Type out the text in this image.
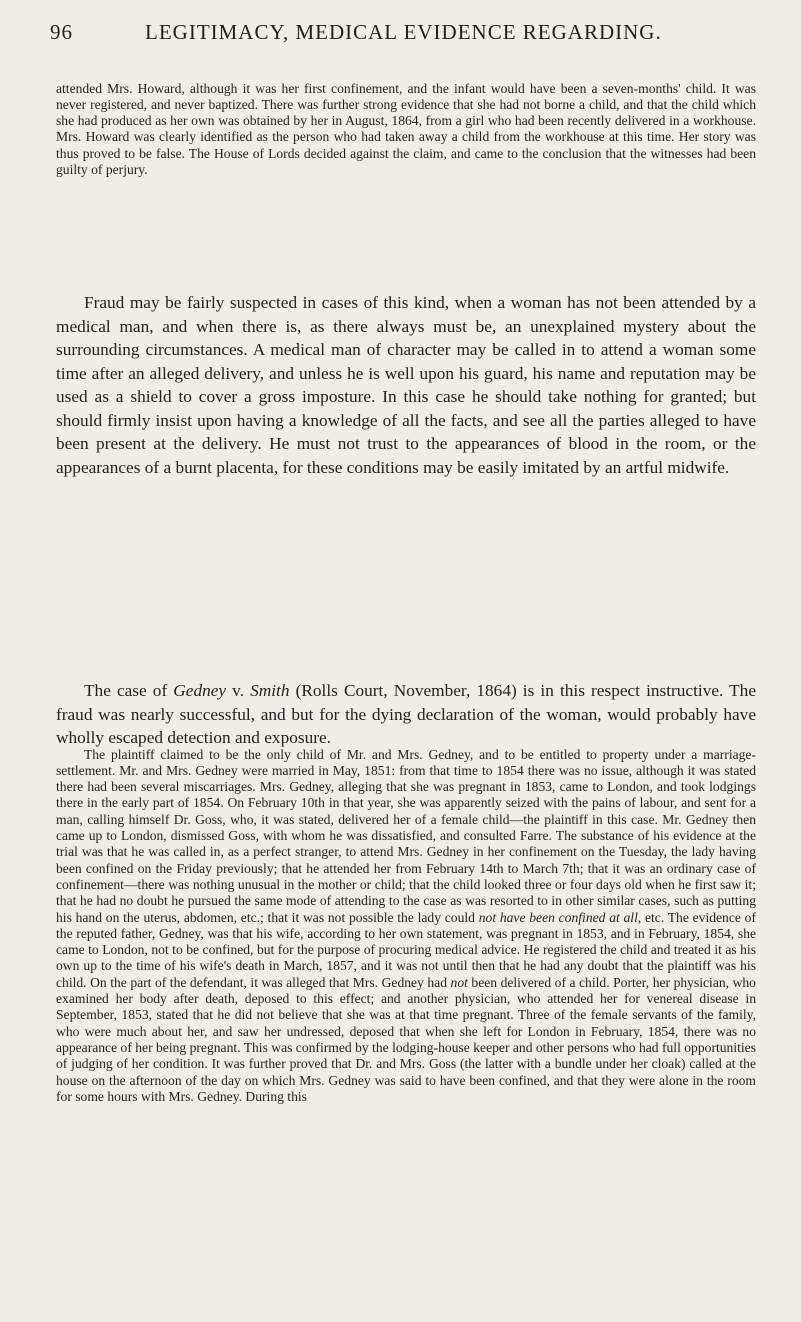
96	LEGITIMACY, MEDICAL EVIDENCE REGARDING.

attended Mrs. Howard, although it was her first confinement, and the infant would have been a seven-months' child. It was never registered, and never baptized. There was further strong evidence that she had not borne a child, and that the child which she had produced as her own was obtained by her in August, 1864, from a girl who had been recently delivered in a workhouse. Mrs. Howard was clearly identified as the person who had taken away a child from the workhouse at this time. Her story was thus proved to be false. The House of Lords decided against the claim, and came to the conclusion that the witnesses had been guilty of perjury.

Fraud may be fairly suspected in cases of this kind, when a woman has not been attended by a medical man, and when there is, as there always must be, an unexplained mystery about the surrounding circumstances. A medical man of character may be called in to attend a woman some time after an alleged delivery, and unless he is well upon his guard, his name and reputation may be used as a shield to cover a gross imposture. In this case he should take nothing for granted; but should firmly insist upon having a knowledge of all the facts, and see all the parties alleged to have been present at the delivery. He must not trust to the appearances of blood in the room, or the appearances of a burnt placenta, for these conditions may be easily imitated by an artful midwife.

The case of Gedney v. Smith (Rolls Court, November, 1864) is in this respect instructive. The fraud was nearly successful, and but for the dying declaration of the woman, would probably have wholly escaped detection and exposure.

The plaintiff claimed to be the only child of Mr. and Mrs. Gedney, and to be entitled to property under a marriage-settlement. Mr. and Mrs. Gedney were married in May, 1851: from that time to 1854 there was no issue, although it was stated there had been several miscarriages. Mrs. Gedney, alleging that she was pregnant in 1853, came to London, and took lodgings there in the early part of 1854. On February 10th in that year, she was apparently seized with the pains of labour, and sent for a man, calling himself Dr. Goss, who, it was stated, delivered her of a female child—the plaintiff in this case. Mr. Gedney then came up to London, dismissed Goss, with whom he was dissatisfied, and consulted Farre. The substance of his evidence at the trial was that he was called in, as a perfect stranger, to attend Mrs. Gedney in her confinement on the Tuesday, the lady having been confined on the Friday previously; that he attended her from February 14th to March 7th; that it was an ordinary case of confinement—there was nothing unusual in the mother or child; that the child looked three or four days old when he first saw it; that he had no doubt he pursued the same mode of attending to the case as was resorted to in other similar cases, such as putting his hand on the uterus, abdomen, etc.; that it was not possible the lady could not have been confined at all, etc. The evidence of the reputed father, Gedney, was that his wife, according to her own statement, was pregnant in 1853, and in February, 1854, she came to London, not to be confined, but for the purpose of procuring medical advice. He registered the child and treated it as his own up to the time of his wife's death in March, 1857, and it was not until then that he had any doubt that the plaintiff was his child. On the part of the defendant, it was alleged that Mrs. Gedney had not been delivered of a child. Porter, her physician, who examined her body after death, deposed to this effect; and another physician, who attended her for venereal disease in September, 1853, stated that he did not believe that she was at that time pregnant. Three of the female servants of the family, who were much about her, and saw her undressed, deposed that when she left for London in February, 1854, there was no appearance of her being pregnant. This was confirmed by the lodging-house keeper and other persons who had full opportunities of judging of her condition. It was further proved that Dr. and Mrs. Goss (the latter with a bundle under her cloak) called at the house on the afternoon of the day on which Mrs. Gedney was said to have been confined, and that they were alone in the room for some hours with Mrs. Gedney. During this
